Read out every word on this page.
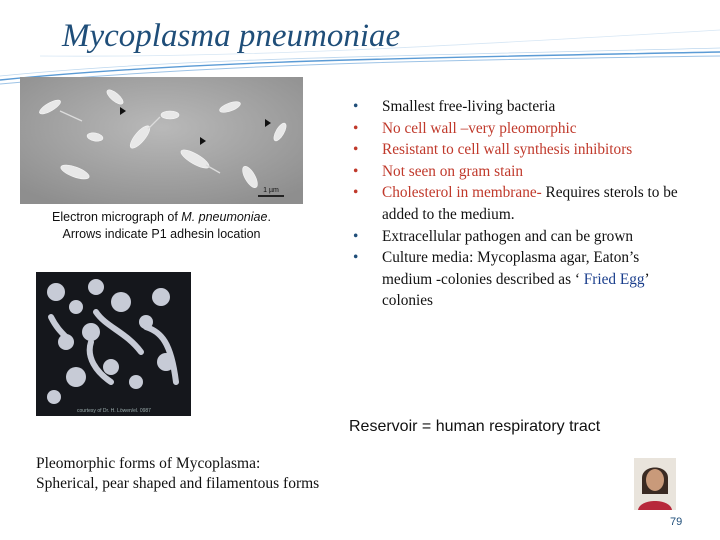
Mycoplasma pneumoniae
1 µm
Electron micrograph of M. pneumoniae.
Arrows indicate P1 adhesin location
courtesy of Dr. H. Löwen/el. 0987
• Smallest free-living bacteria
• No cell wall –very pleomorphic
• Resistant to cell wall synthesis inhibitors
• Not seen on gram stain
• Cholesterol in membrane- Requires sterols to be added to the medium.
• Extracellular pathogen and can be grown
• Culture media: Mycoplasma agar, Eaton’s medium -colonies described as ‘ Fried Egg’ colonies
Reservoir = human respiratory tract
Pleomorphic forms of Mycoplasma: Spherical, pear shaped and filamentous forms
79
